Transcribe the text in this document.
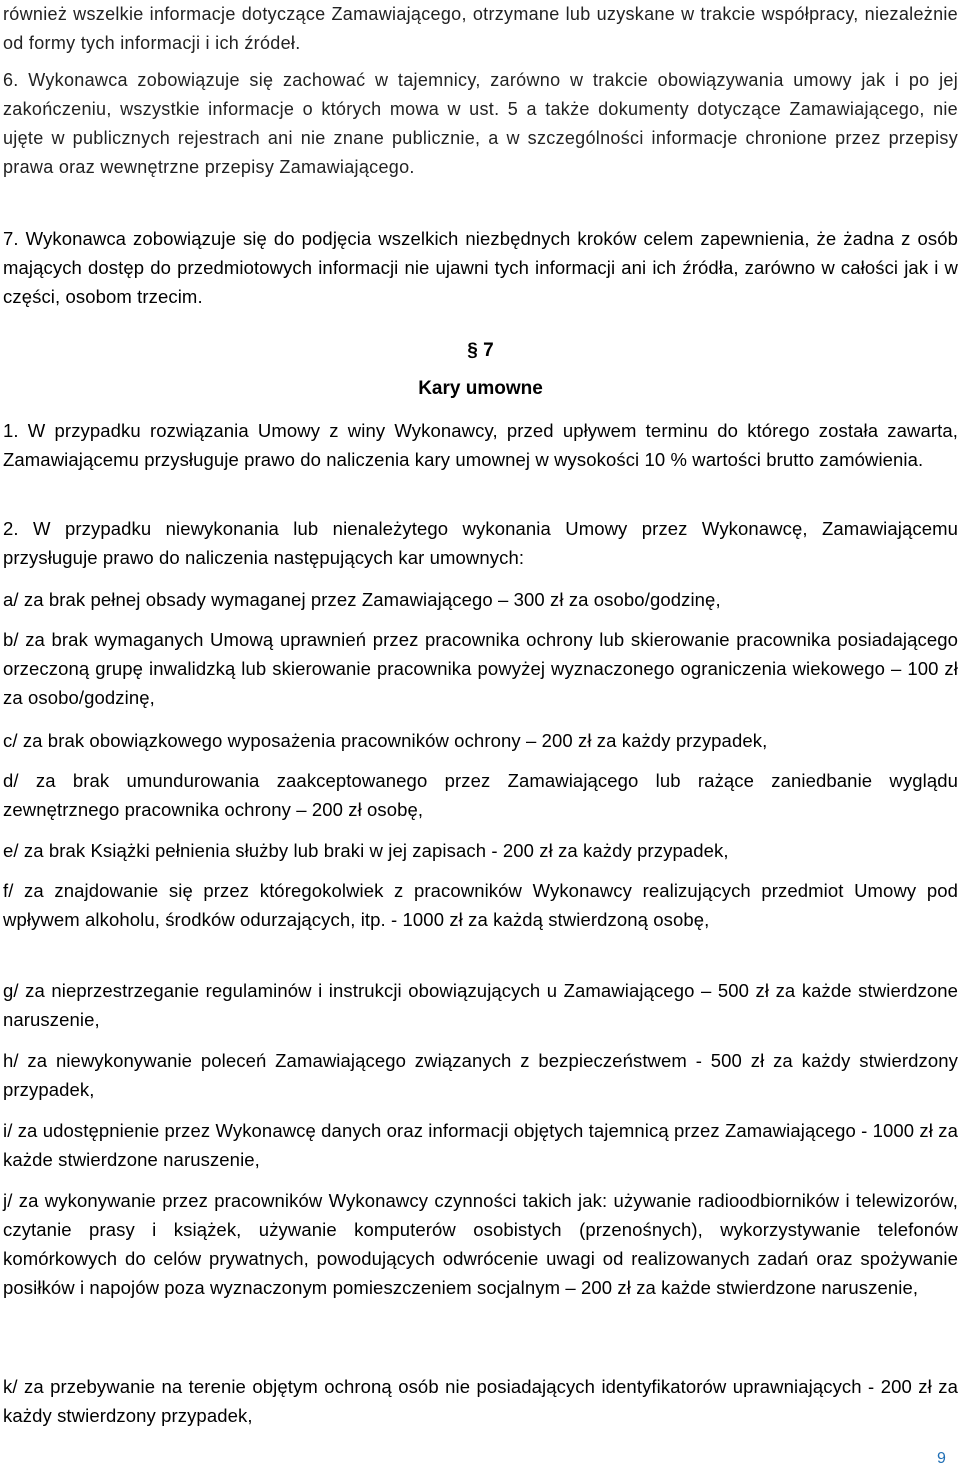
również wszelkie informacje dotyczące Zamawiającego, otrzymane lub uzyskane w trakcie współpracy, niezależnie od formy tych informacji i ich źródeł.

6. Wykonawca zobowiązuje się zachować w tajemnicy, zarówno w trakcie obowiązywania umowy jak i po jej zakończeniu, wszystkie informacje o których mowa w ust. 5 a także dokumenty dotyczące Zamawiającego, nie ujęte w publicznych rejestrach ani nie znane publicznie, a w szczególności informacje chronione przez przepisy prawa oraz wewnętrzne przepisy Zamawiającego.

7. Wykonawca zobowiązuje się do podjęcia wszelkich niezbędnych kroków celem zapewnienia, że żadna z osób mających dostęp do przedmiotowych informacji nie ujawni tych informacji ani ich źródła, zarówno w całości jak i w części, osobom trzecim.

§ 7
Kary umowne

1. W przypadku rozwiązania Umowy z winy Wykonawcy, przed upływem terminu do którego została zawarta, Zamawiającemu przysługuje prawo do naliczenia kary umownej w wysokości 10 % wartości brutto zamówienia.

2. W przypadku niewykonania lub nienależytego wykonania Umowy przez Wykonawcę, Zamawiającemu przysługuje prawo do naliczenia następujących kar umownych:

a/ za brak pełnej obsady wymaganej przez Zamawiającego – 300 zł za osobo/godzinę,

b/ za brak wymaganych Umową uprawnień przez pracownika ochrony lub skierowanie pracownika posiadającego orzeczoną grupę inwalidzką lub skierowanie pracownika powyżej wyznaczonego ograniczenia wiekowego – 100 zł za osobo/godzinę,

c/ za brak obowiązkowego wyposażenia pracowników ochrony – 200 zł za każdy przypadek,

d/ za brak umundurowania zaakceptowanego przez Zamawiającego lub rażące zaniedbanie wyglądu zewnętrznego pracownika ochrony – 200 zł osobę,

e/ za brak Książki pełnienia służby lub braki w jej zapisach - 200 zł za każdy przypadek,

f/ za znajdowanie się przez któregokolwiek z pracowników Wykonawcy realizujących przedmiot Umowy pod wpływem alkoholu, środków odurzających, itp. - 1000 zł za każdą stwierdzoną osobę,

g/ za nieprzestrzeganie regulaminów i instrukcji obowiązujących u Zamawiającego – 500 zł za każde stwierdzone naruszenie,

h/ za niewykonywanie poleceń Zamawiającego związanych z bezpieczeństwem - 500 zł za każdy stwierdzony przypadek,

i/ za udostępnienie przez Wykonawcę danych oraz informacji objętych tajemnicą przez Zamawiającego - 1000 zł za każde stwierdzone naruszenie,

j/ za wykonywanie przez pracowników Wykonawcy czynności takich jak: używanie radioodbiorników i telewizorów, czytanie prasy i książek, używanie komputerów osobistych (przenośnych), wykorzystywanie telefonów komórkowych do celów prywatnych, powodujących odwrócenie uwagi od realizowanych zadań oraz spożywanie posiłków i napojów poza wyznaczonym pomieszczeniem socjalnym – 200 zł za każde stwierdzone naruszenie,

k/ za przebywanie na terenie objętym ochroną osób nie posiadających identyfikatorów uprawniających - 200 zł za każdy stwierdzony przypadek,

9
